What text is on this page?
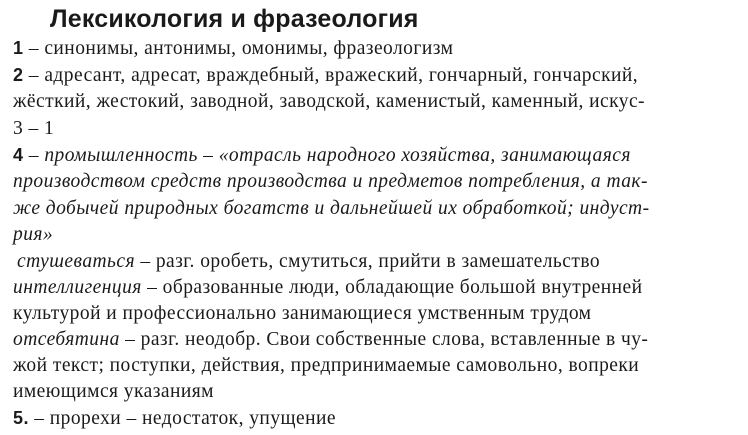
Лексикология и фразеология
1 – синонимы, антонимы, омонимы, фразеологизм
2 – адресант, адресат, враждебный, вражеский, гончарный, гончарский,
жёсткий, жестокий, заводной, заводской, каменистый, каменный, искус-
3 – 1
4 – промышленность – «отрасль народного хозяйства, занимающаяся
производством средств производства и предметов потребления, а так-
же добычей природных богатств и дальнейшей их обработкой; индуст-
рия»
стушеваться – разг. оробеть, смутиться, прийти в замешательство
интеллигенция – образованные люди, обладающие большой внутренней
культурой и профессионально занимающиеся умственным трудом
отсебятина – разг. неодобр. Свои собственные слова, вставленные в чу-
жой текст; поступки, действия, предпринимаемые самовольно, вопреки
имеющимся указаниям
5. – прорехи – недостаток, упущение
